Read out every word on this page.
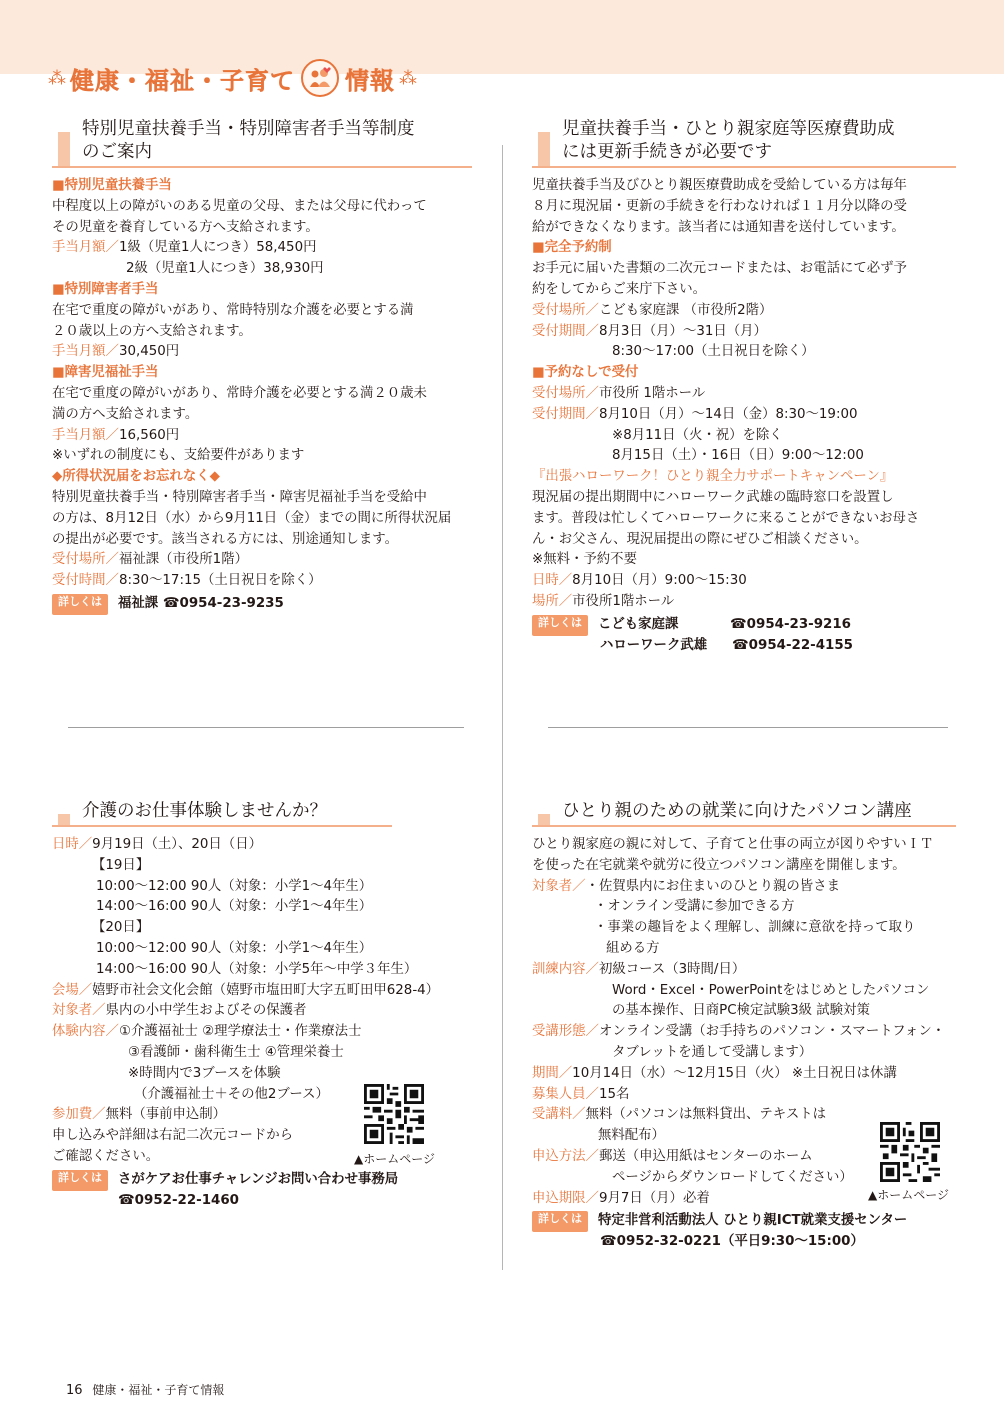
⁂ 健康・福祉・子育て 情報 ⁂
特別児童扶養手当・特別障害者手当等制度
のご案内
■特別児童扶養手当
中程度以上の障がいのある児童の父母、または父母に代わって
その児童を養育している方へ支給されます。
手当月額／ 1級（児童1人につき）58,450円
2級（児童1人につき）38,930円
■特別障害者手当
在宅で重度の障がいがあり、常時特別な介護を必要とする満
２０歳以上の方へ支給されます。
手当月額／ 30,450円
■障害児福祉手当
在宅で重度の障がいがあり、常時介護を必要とする満２０歳未
満の方へ支給されます。
手当月額／ 16,560円
※いずれの制度にも、支給要件があります
◆所得状況届をお忘れなく◆
特別児童扶養手当・特別障害者手当・障害児福祉手当を受給中
の方は、8月12日（水）から9月11日（金）までの間に所得状況届
の提出が必要です。該当される方には、別途通知します。
受付場所／ 福祉課（市役所1階）
受付時間／ 8:30～17:15（土日祝日を除く）
詳しくは	福祉課 ☎0954-23-9235
児童扶養手当・ひとり親家庭等医療費助成
には更新手続きが必要です
児童扶養手当及びひとり親医療費助成を受給している方は毎年
８月に現況届・更新の手続きを行わなければ１１月分以降の受
給ができなくなります。該当者には通知書を送付しています。
■完全予約制
お手元に届いた書類の二次元コードまたは、お電話にて必ず予
約をしてからご来庁下さい。
受付場所／ こども家庭課 （市役所2階）
受付期間／ 8月3日（月）～31日（月）
8:30～17:00（土日祝日を除く）
■予約なしで受付
受付場所／ 市役所 1階ホール
受付期間／ 8月10日（月）～14日（金）8:30～19:00
※8月11日（火・祝）を除く
8月15日（土）・16日（日）9:00～12:00
『出張ハローワーク！ひとり親全力サポートキャンペーン』
現況届の提出期間中にハローワーク武雄の臨時窓口を設置し
ます。普段は忙しくてハローワークに来ることができないお母さ
ん・お父さん、現況届提出の際にぜひご相談ください。
※無料・予約不要
日時／ 8月10日（月）9:00～15:30
場所／ 市役所1階ホール
詳しくは	こども家庭課	☎0954-23-9216
ハローワーク武雄	☎0954-22-4155
介護のお仕事体験しませんか？
日時／ 9月19日（土）、20日（日）
【19日】
10:00～12:00 90人（対象：小学1～4年生）
14:00～16:00 90人（対象：小学1～4年生）
【20日】
10:00～12:00 90人（対象：小学1～4年生）
14:00～16:00 90人（対象：小学5年～中学３年生）
会場／ 嬉野市社会文化会館（嬉野市塩田町大字五町田甲628-4）
対象者／ 県内の小中学生およびその保護者
体験内容／ ①介護福祉士 ②理学療法士・作業療法士
③看護師・歯科衛生士 ④管理栄養士
※時間内で3ブースを体験
（介護福祉士＋その他2ブース）
参加費／ 無料（事前申込制）
申し込みや詳細は右記二次元コードから
ご確認ください。
詳しくは	さがケアお仕事チャレンジお問い合わせ事務局
☎0952-22-1460
▲ホームページ
ひとり親のための就業に向けたパソコン講座
ひとり親家庭の親に対して、子育てと仕事の両立が図りやすいＩＴ
を使った在宅就業や就労に役立つパソコン講座を開催します。
対象者／ ・佐賀県内にお住まいのひとり親の皆さま
・オンライン受講に参加できる方
・事業の趣旨をよく理解し、訓練に意欲を持って取り
組める方
訓練内容／ 初級コース（3時間/日）
Word・Excel・PowerPointをはじめとしたパソコン
の基本操作、日商PC検定試験3級 試験対策
受講形態／ オンライン受講（お手持ちのパソコン・スマートフォン・
タブレットを通して受講します）
期間／ 10月14日（水）～12月15日（火） ※土日祝日は休講
募集人員／ 15名
受講料／ 無料（パソコンは無料貸出、テキストは
無料配布）
申込方法／ 郵送（申込用紙はセンターのホーム
ページからダウンロードしてください）
申込期限／ 9月7日（月）必着
詳しくは	特定非営利活動法人 ひとり親ICT就業支援センター
☎0952-32-0221（平日9:30～15:00）
▲ホームページ
16 健康・福祉・子育て情報
